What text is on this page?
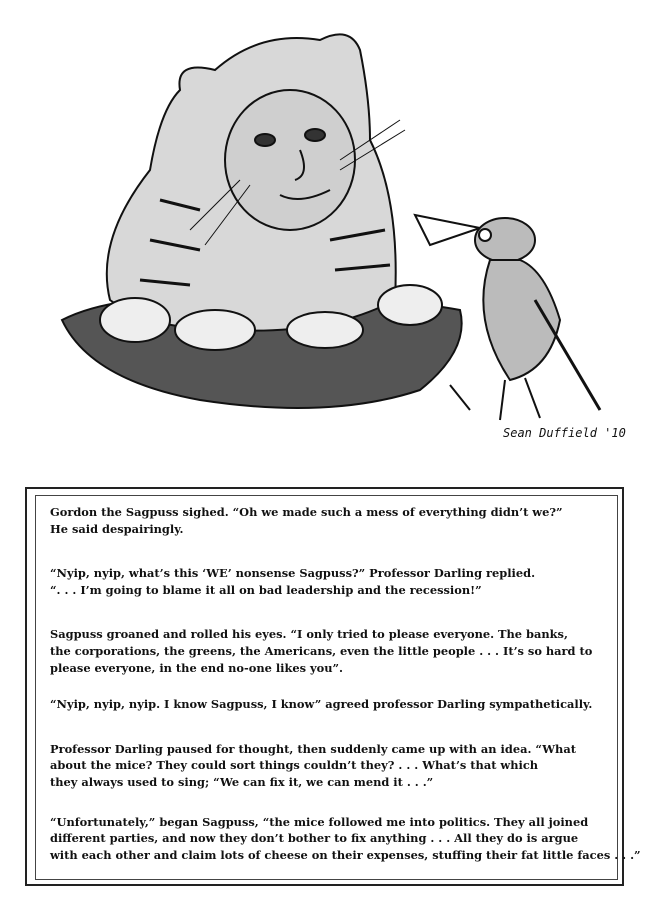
Sean Duffield '10

Gordon the Sagpuss sighed. “Oh we made such a mess of everything didn’t we?”
He said despairingly.

“Nyip, nyip, what’s this ‘WE’ nonsense Sagpuss?” Professor Darling replied.
“. . . I’m going to blame it all on bad leadership and the recession!”

Sagpuss groaned and rolled his eyes. “I only tried to please everyone. The banks,
the corporations, the greens, the Americans, even the little people . . . It’s so hard to
please everyone, in the end no-one likes you”.

“Nyip, nyip, nyip. I know Sagpuss, I know” agreed professor Darling sympathetically.

Professor Darling paused for thought, then suddenly came up with an idea. “What
about the mice? They could sort things couldn’t they? . . . What’s that which
they always used to sing; “We can fix it, we can mend it . . .”

“Unfortunately,” began Sagpuss, “the mice followed me into politics. They all joined
different parties, and now they don’t bother to fix anything . . . All they do is argue
with each other and claim lots of cheese on their expenses, stuffing their fat little faces . . .”
